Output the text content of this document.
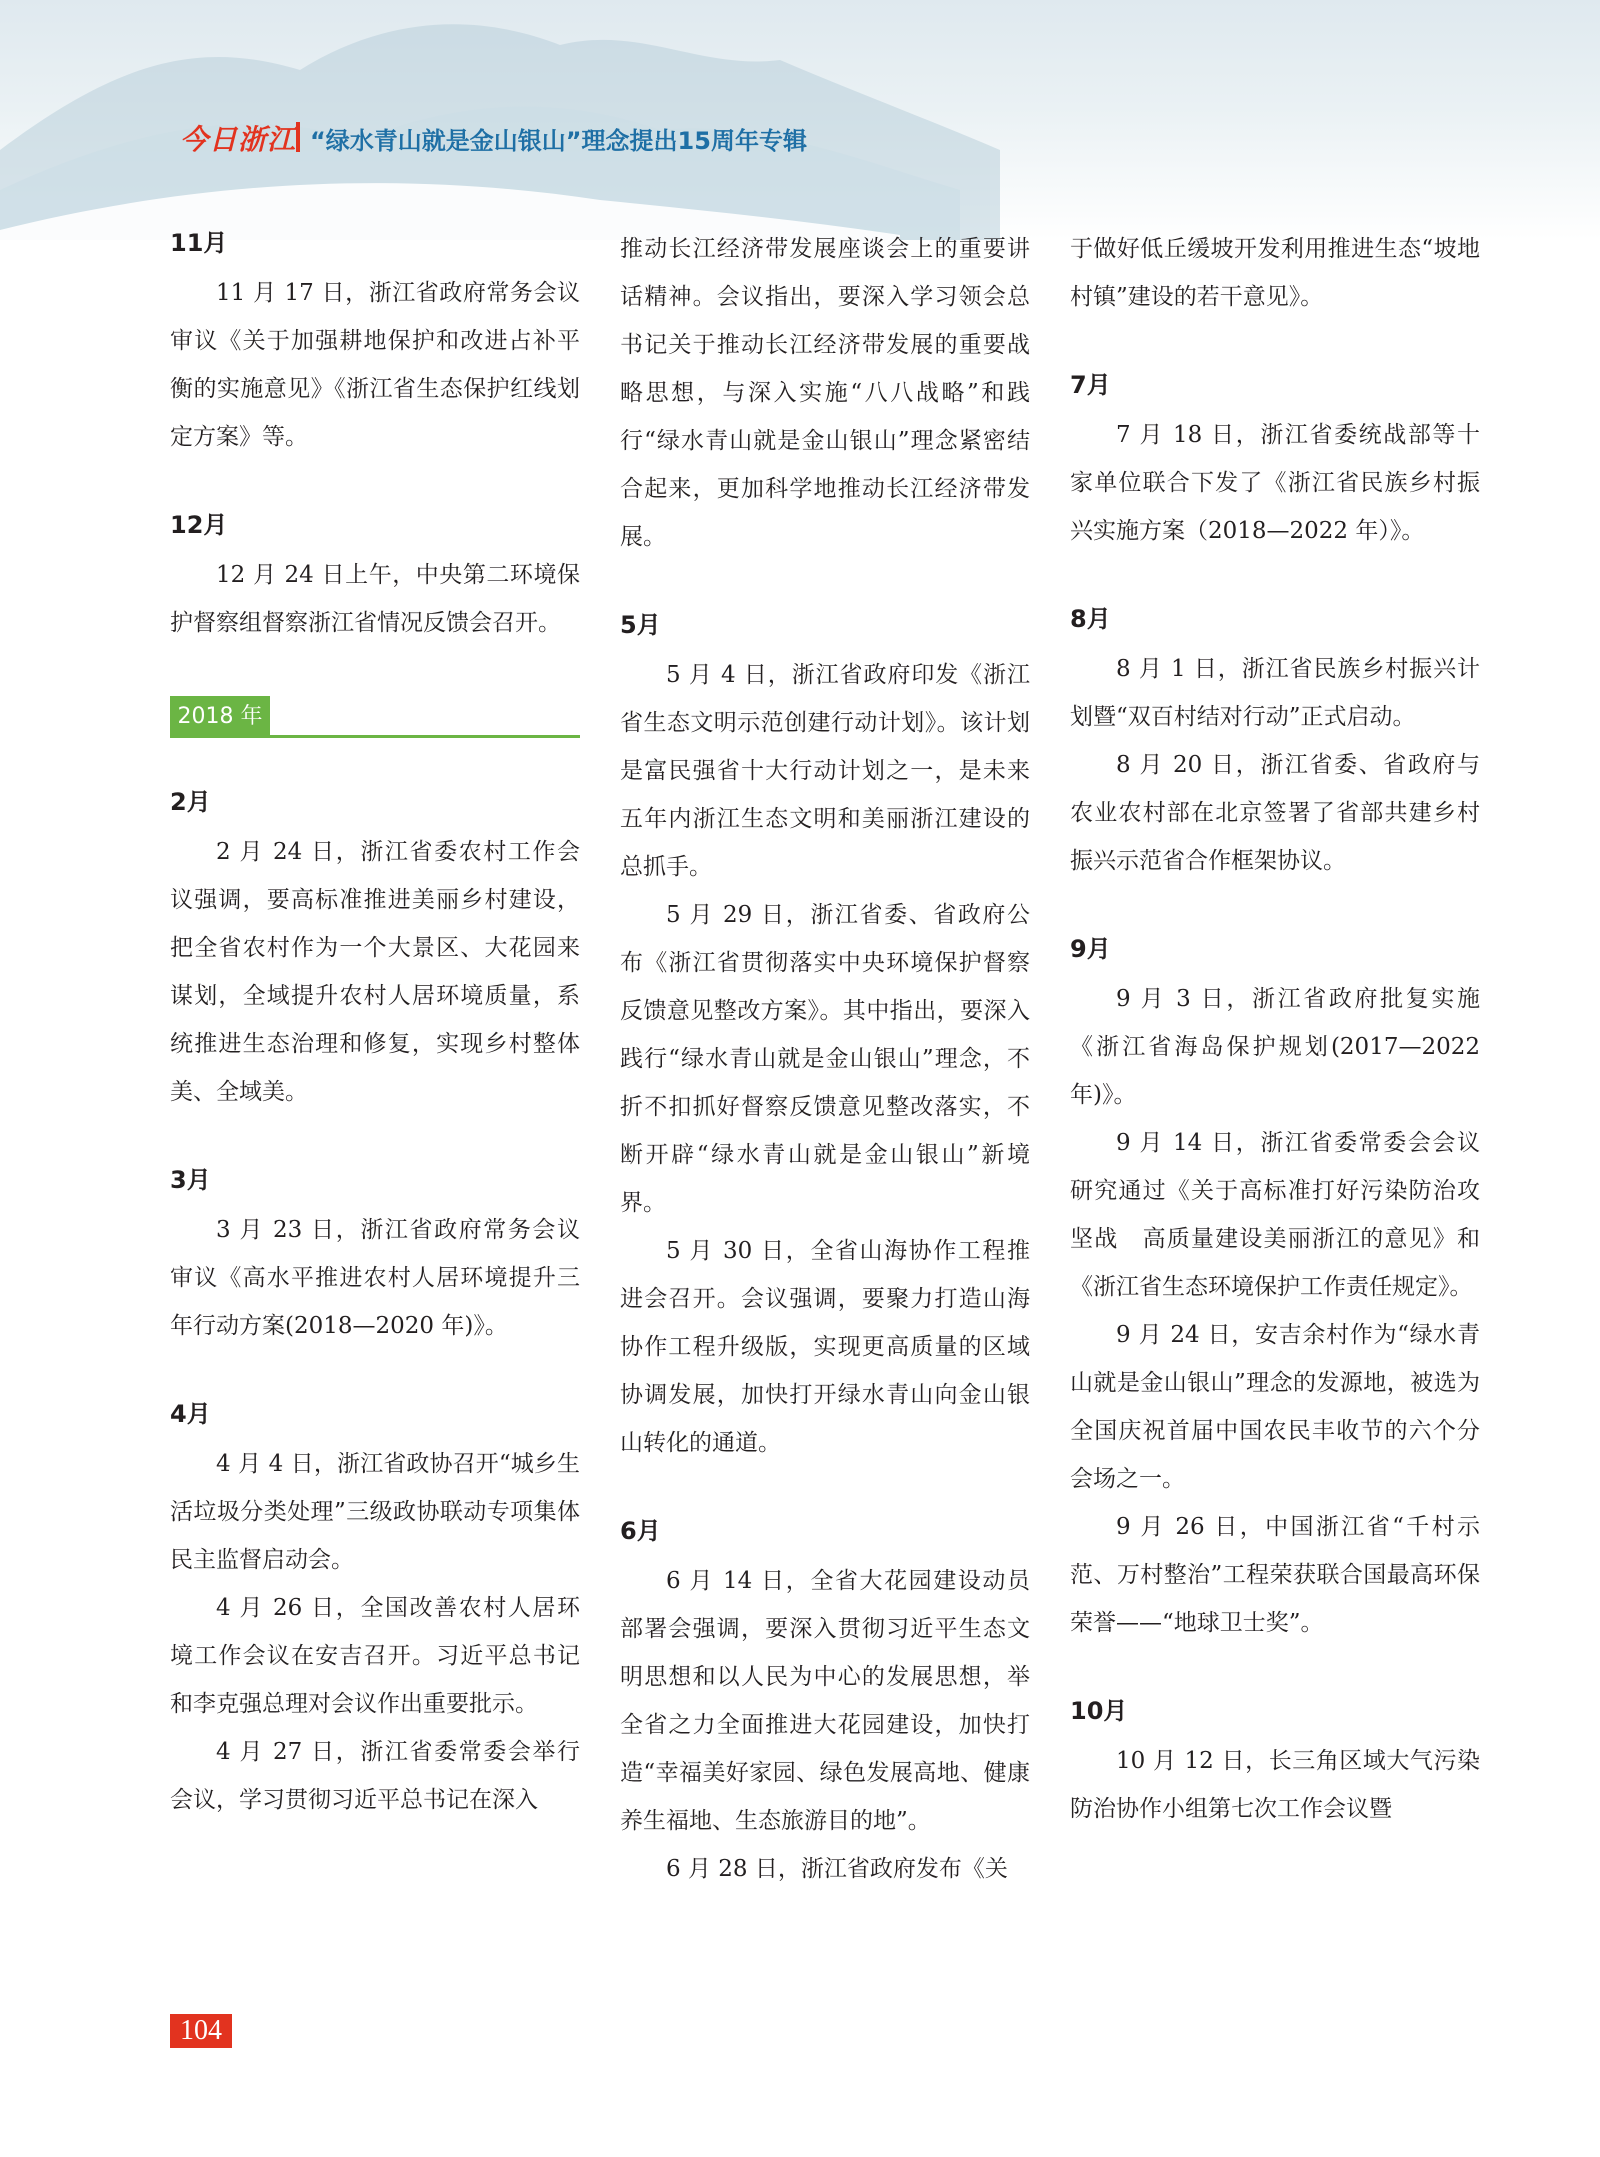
今日浙江 “绿水青山就是金山银山”理念提出15周年专辑
11月

11 月 17 日，浙江省政府常务会议审议《关于加强耕地保护和改进占补平衡的实施意见》《浙江省生态保护红线划定方案》等。

12月

12 月 24 日上午，中央第二环境保护督察组督察浙江省情况反馈会召开。

2018 年
2月

2 月 24 日，浙江省委农村工作会议强调，要高标准推进美丽乡村建设，把全省农村作为一个大景区、大花园来谋划，全域提升农村人居环境质量，系统推进生态治理和修复，实现乡村整体美、全域美。

3月

3 月 23 日，浙江省政府常务会议审议《高水平推进农村人居环境提升三年行动方案(2018—2020 年)》。

4月

4 月 4 日，浙江省政协召开“城乡生活垃圾分类处理”三级政协联动专项集体民主监督启动会。

4 月 26 日，全国改善农村人居环境工作会议在安吉召开。习近平总书记和李克强总理对会议作出重要批示。

4 月 27 日，浙江省委常委会举行会议，学习贯彻习近平总书记在深入

推动长江经济带发展座谈会上的重要讲话精神。会议指出，要深入学习领会总书记关于推动长江经济带发展的重要战略思想，与深入实施“八八战略”和践行“绿水青山就是金山银山”理念紧密结合起来，更加科学地推动长江经济带发展。

5月

5 月 4 日，浙江省政府印发《浙江省生态文明示范创建行动计划》。该计划是富民强省十大行动计划之一，是未来五年内浙江生态文明和美丽浙江建设的总抓手。

5 月 29 日，浙江省委、省政府公布《浙江省贯彻落实中央环境保护督察反馈意见整改方案》。其中指出，要深入践行“绿水青山就是金山银山”理念，不折不扣抓好督察反馈意见整改落实，不断开辟“绿水青山就是金山银山”新境界。

5 月 30 日，全省山海协作工程推进会召开。会议强调，要聚力打造山海协作工程升级版，实现更高质量的区域协调发展，加快打开绿水青山向金山银山转化的通道。

6月

6 月 14 日，全省大花园建设动员部署会强调，要深入贯彻习近平生态文明思想和以人民为中心的发展思想，举全省之力全面推进大花园建设，加快打造“幸福美好家园、绿色发展高地、健康养生福地、生态旅游目的地”。

6 月 28 日，浙江省政府发布《关

于做好低丘缓坡开发利用推进生态“坡地村镇”建设的若干意见》。

7月

7 月 18 日，浙江省委统战部等十家单位联合下发了《浙江省民族乡村振兴实施方案（2018—2022 年）》。

8月

8 月 1 日，浙江省民族乡村振兴计划暨“双百村结对行动”正式启动。

8 月 20 日，浙江省委、省政府与农业农村部在北京签署了省部共建乡村振兴示范省合作框架协议。

9月

9 月 3 日，浙江省政府批复实施《浙江省海岛保护规划(2017—2022 年)》。

9 月 14 日，浙江省委常委会会议研究通过《关于高标准打好污染防治攻坚战　高质量建设美丽浙江的意见》和《浙江省生态环境保护工作责任规定》。

9 月 24 日，安吉余村作为“绿水青山就是金山银山”理念的发源地，被选为全国庆祝首届中国农民丰收节的六个分会场之一。

9 月 26 日，中国浙江省“千村示范、万村整治”工程荣获联合国最高环保荣誉——“地球卫士奖”。

10月

10 月 12 日，长三角区域大气污染防治协作小组第七次工作会议暨

104
